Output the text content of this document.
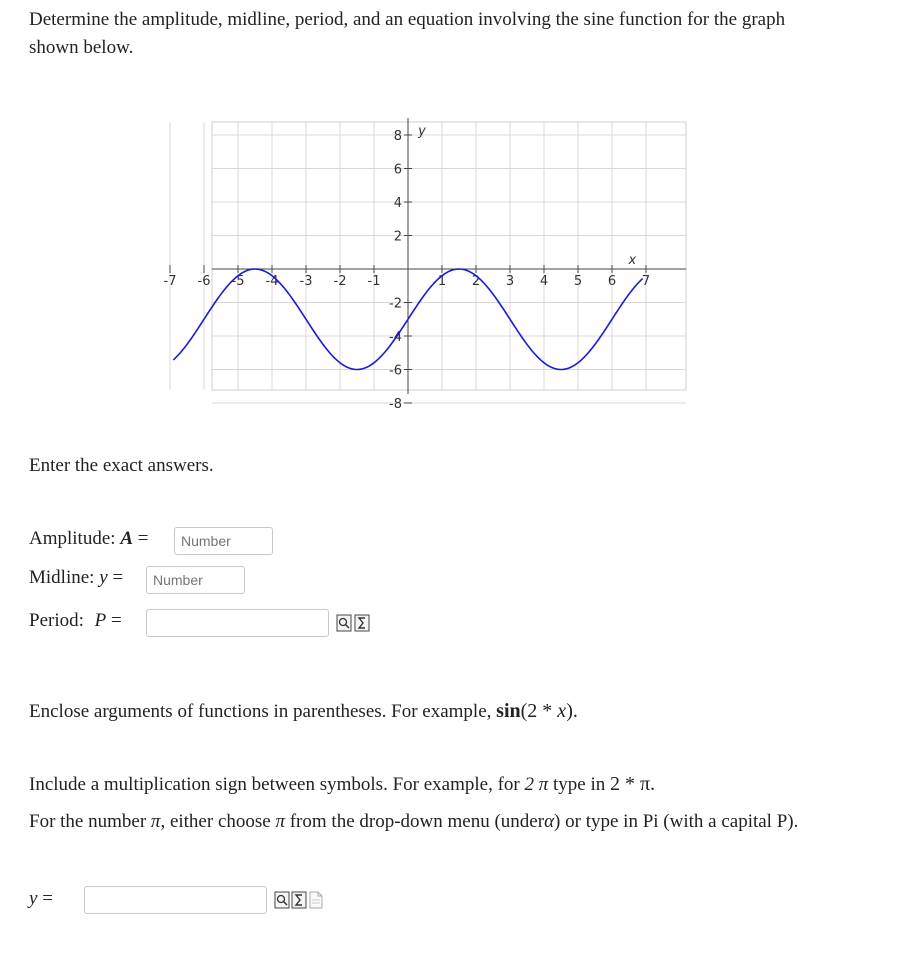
Determine the amplitude, midline, period, and an equation involving the sine function for the graph
shown below.
-7 -6 -5 -4 -3 -2 -1	1 2 3 4 5 6 7
8
6
4
2
-2
-4
-6
-8
x
y
Enter the exact answers.
Amplitude: A =
Number
Midline: y =
Number
Period: P =
Enclose arguments of functions in parentheses. For example, sin(2 * x).
Include a multiplication sign between symbols. For example, for 2 π type in 2 * π.
For the number π, either choose π from the drop-down menu (underα) or type in Pi (with a capital P).
y =
